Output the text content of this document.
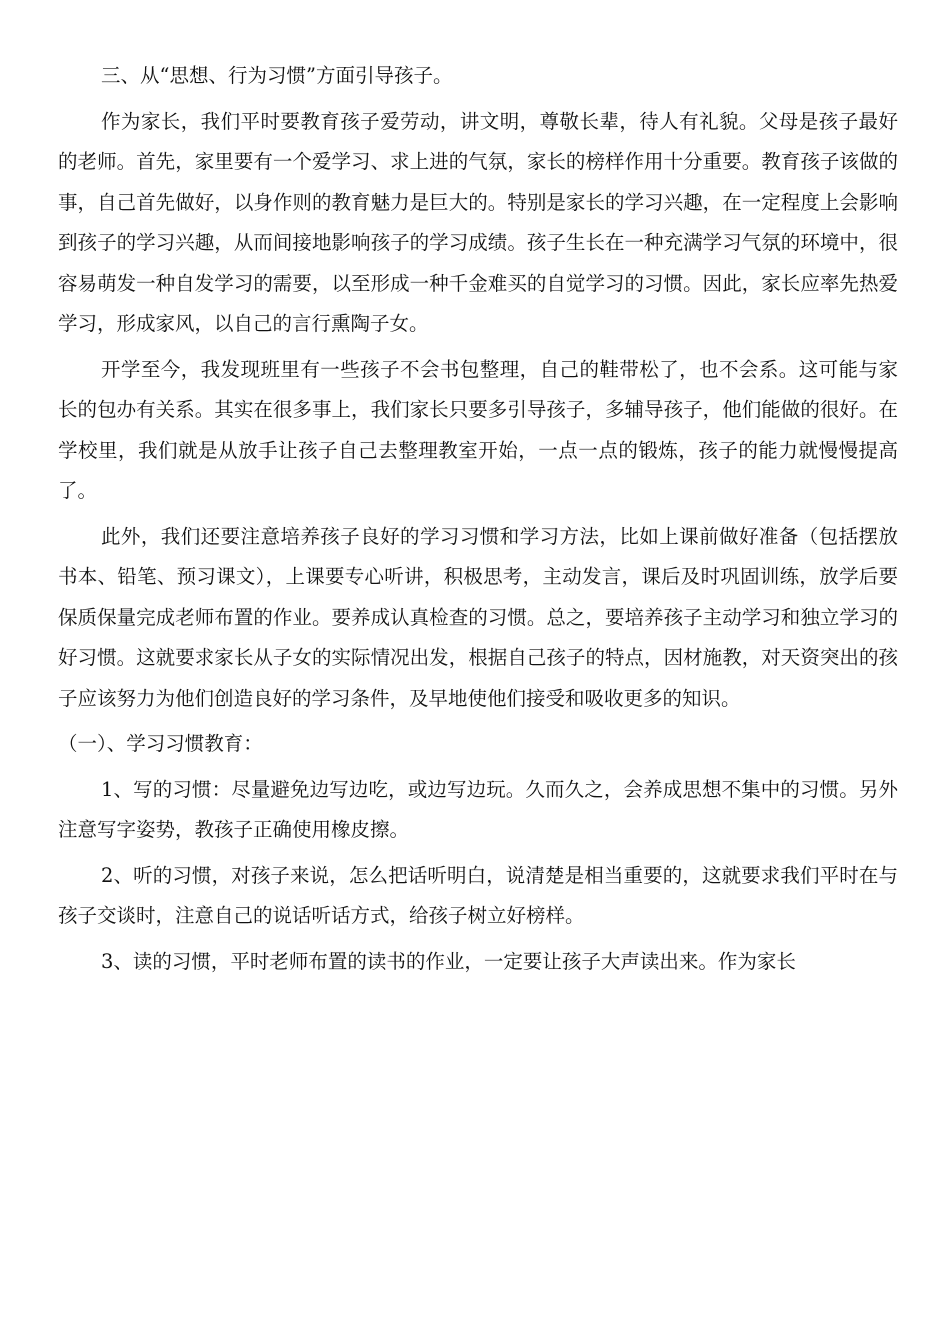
三、从“思想、行为习惯”方面引导孩子。

作为家长，我们平时要教育孩子爱劳动，讲文明，尊敬长辈，待人有礼貌。父母是孩子最好的老师。首先，家里要有一个爱学习、求上进的气氛，家长的榜样作用十分重要。教育孩子该做的事，自己首先做好，以身作则的教育魅力是巨大的。特别是家长的学习兴趣，在一定程度上会影响到孩子的学习兴趣，从而间接地影响孩子的学习成绩。孩子生长在一种充满学习气氛的环境中，很容易萌发一种自发学习的需要，以至形成一种千金难买的自觉学习的习惯。因此，家长应率先热爱学习，形成家风，以自己的言行熏陶子女。

开学至今，我发现班里有一些孩子不会书包整理，自己的鞋带松了，也不会系。这可能与家长的包办有关系。其实在很多事上，我们家长只要多引导孩子，多辅导孩子，他们能做的很好。在学校里，我们就是从放手让孩子自己去整理教室开始，一点一点的锻炼，孩子的能力就慢慢提高了。

此外，我们还要注意培养孩子良好的学习习惯和学习方法，比如上课前做好准备（包括摆放书本、铅笔、预习课文），上课要专心听讲，积极思考，主动发言，课后及时巩固训练，放学后要保质保量完成老师布置的作业。要养成认真检查的习惯。总之，要培养孩子主动学习和独立学习的好习惯。这就要求家长从子女的实际情况出发，根据自己孩子的特点，因材施教，对天资突出的孩子应该努力为他们创造良好的学习条件，及早地使他们接受和吸收更多的知识。

（一）、学习习惯教育：

1、写的习惯：尽量避免边写边吃，或边写边玩。久而久之，会养成思想不集中的习惯。另外注意写字姿势，教孩子正确使用橡皮擦。

2、听的习惯，对孩子来说，怎么把话听明白，说清楚是相当重要的，这就要求我们平时在与孩子交谈时，注意自己的说话听话方式，给孩子树立好榜样。

3、读的习惯，平时老师布置的读书的作业，一定要让孩子大声读出来。作为家长
